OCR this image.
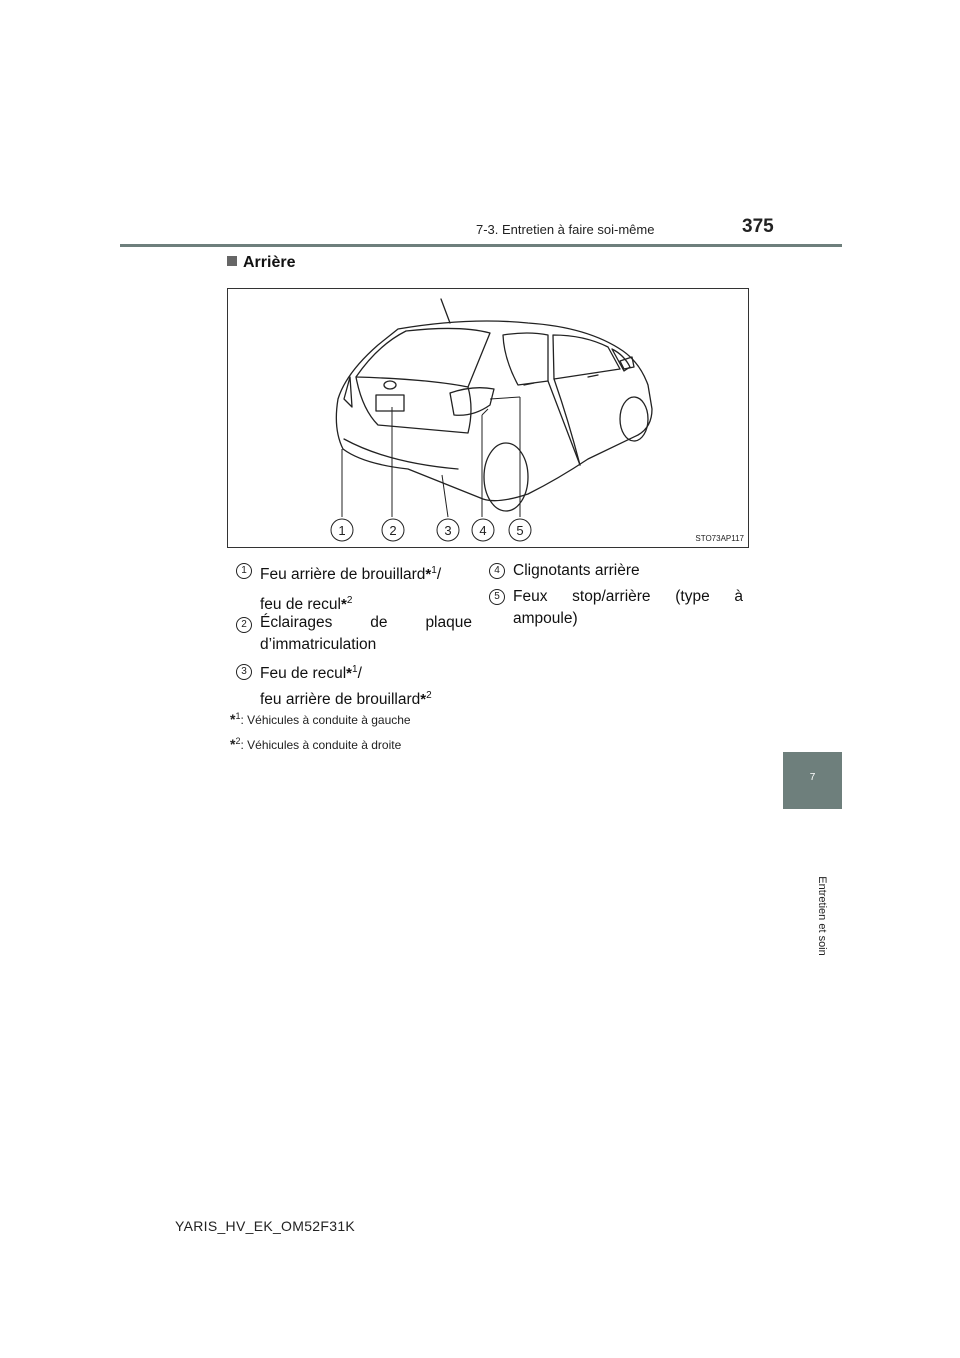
7-3. Entretien à faire soi-même	375
Arrière
1	2	3 4 5
STO73AP117
1 Feu arrière de brouillard*$^1$/
feu de recul*$^2$
2 Éclairages de plaque
d’immatriculation
3 Feu de recul*$^1$/
feu arrière de brouillard*$^2$
4 Clignotants arrière
5 Feux stop/arrière (type à
ampoule)
*$^1$: Véhicules à conduite à gauche
*$^2$: Véhicules à conduite à droite
7
Entretien et soin
YARIS_HV_EK_OM52F31K
